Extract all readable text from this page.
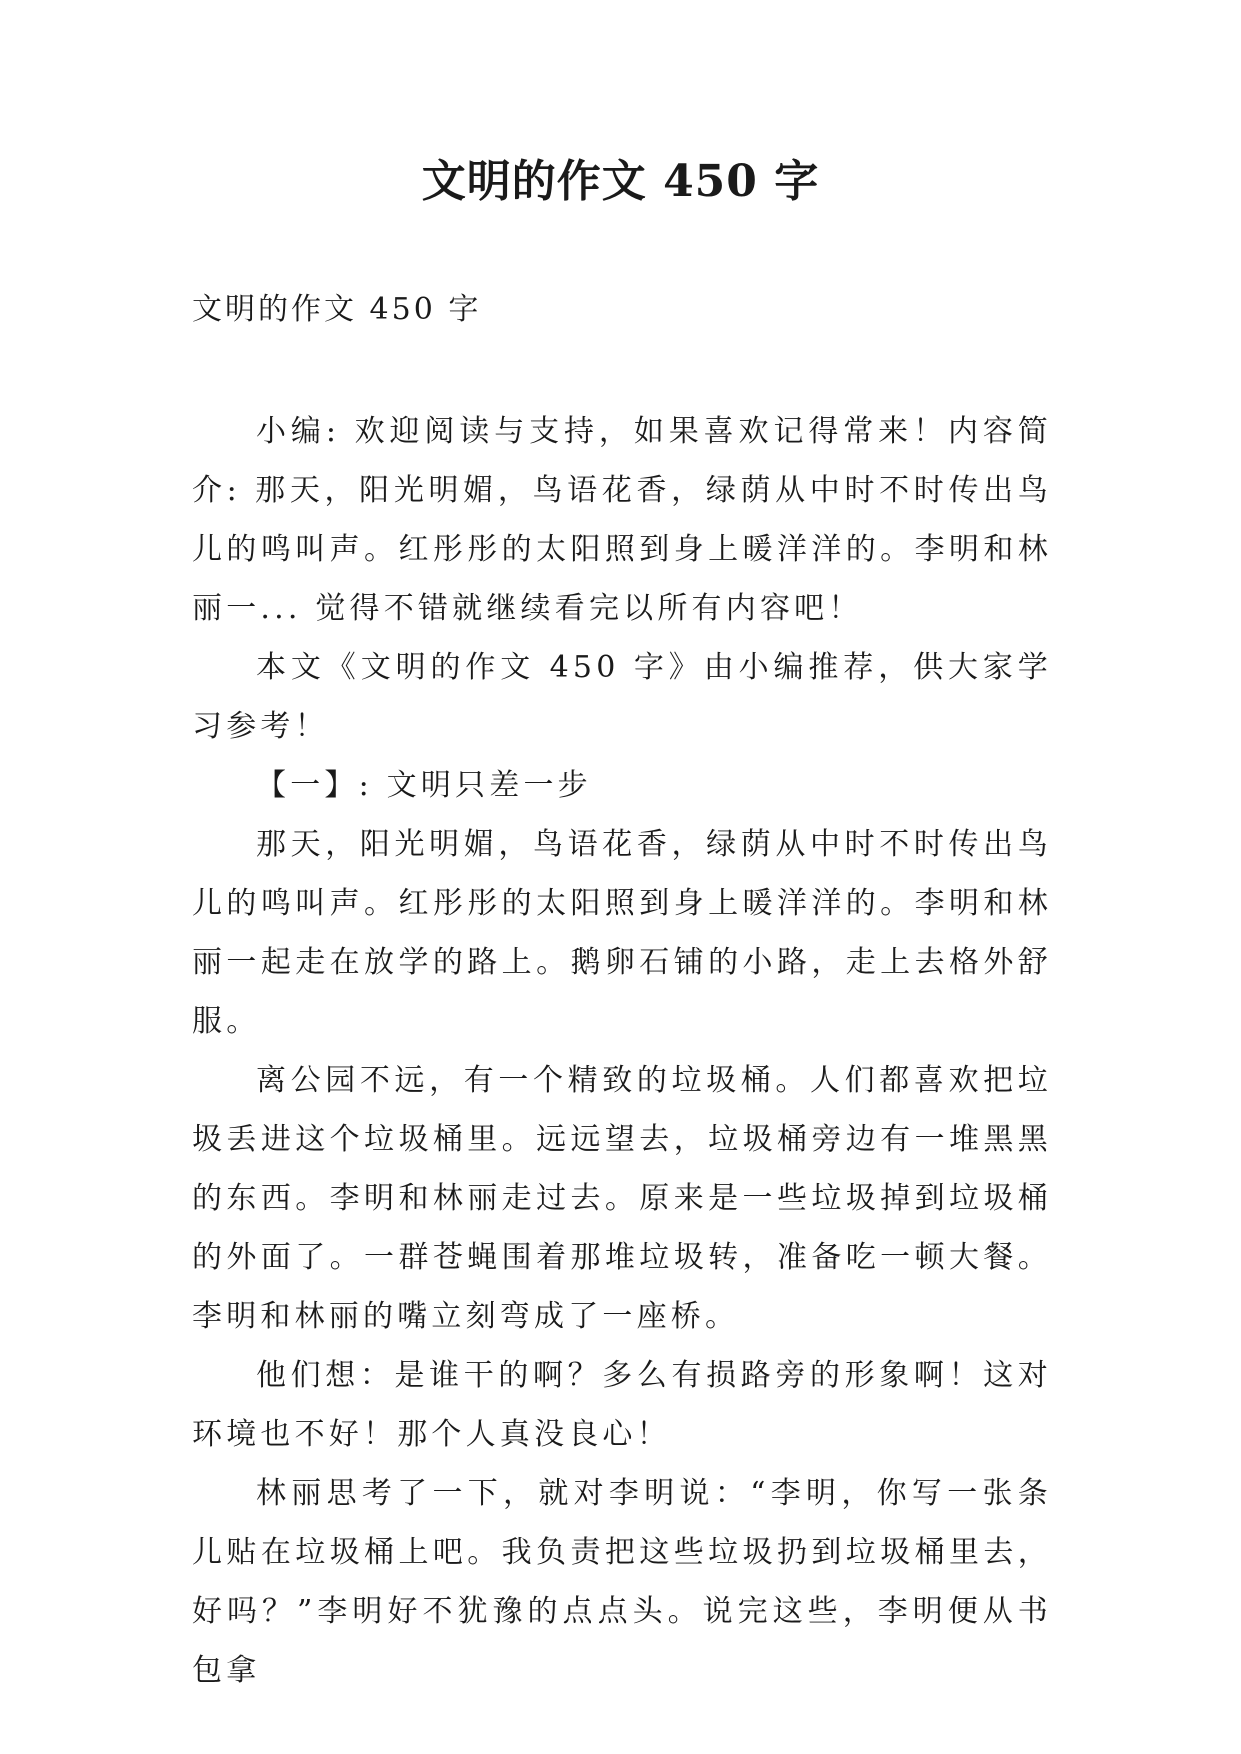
文明的作文 450 字

文明的作文 450 字

小编: 欢迎阅读与支持，如果喜欢记得常来！内容简介: 那天，阳光明媚，鸟语花香，绿荫从中时不时传出鸟儿的鸣叫声。红彤彤的太阳照到身上暖洋洋的。李明和林丽一... 觉得不错就继续看完以所有内容吧！

本文《文明的作文 450 字》由小编推荐，供大家学习参考！

【一】: 文明只差一步

那天，阳光明媚，鸟语花香，绿荫从中时不时传出鸟儿的鸣叫声。红彤彤的太阳照到身上暖洋洋的。李明和林丽一起走在放学的路上。鹅卵石铺的小路，走上去格外舒服。

离公园不远，有一个精致的垃圾桶。人们都喜欢把垃圾丢进这个垃圾桶里。远远望去，垃圾桶旁边有一堆黑黑的东西。李明和林丽走过去。原来是一些垃圾掉到垃圾桶的外面了。一群苍蝇围着那堆垃圾转，准备吃一顿大餐。李明和林丽的嘴立刻弯成了一座桥。

他们想：是谁干的啊？多么有损路旁的形象啊！这对环境也不好！那个人真没良心！

林丽思考了一下，就对李明说：“李明，你写一张条儿贴在垃圾桶上吧。我负责把这些垃圾扔到垃圾桶里去，好吗？”李明好不犹豫的点点头。说完这些，李明便从书包拿
